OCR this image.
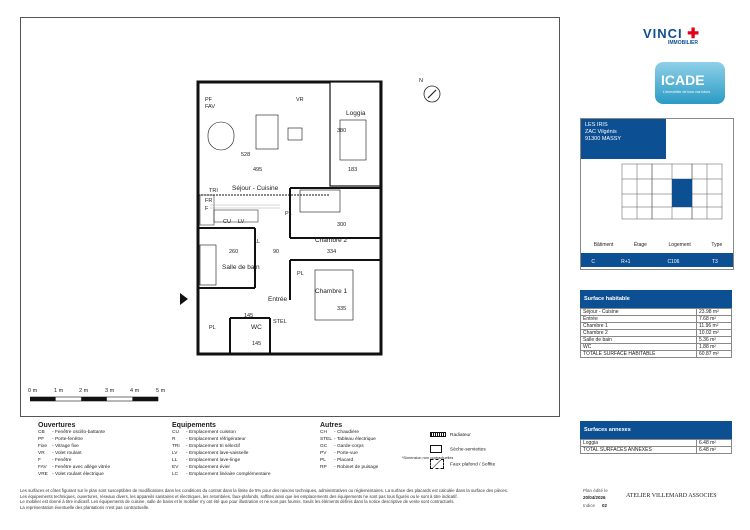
N
Séjour - Cuisine
Loggia
Chambre 2
Chambre 1
Salle de bain
Entrée
WC
528
495
380
183
300
334
335
260	90
145
145
PF
FAV
VR
TRI
LV
LL
CU
FR
F
PL
PL
PL
STEL
0 m	1 m	2 m	3 m	4 m	5 m
Ouvertures
CB - Fenêtre oscillo-battante
PF - Porte-fenêtre
Fixe - Vitrage fixe
VR - Volet roulant
F - Fenêtre
FAV - Fenêtre avec allège vitrée
VRE - Volet roulant électrique
Equipements
CU - Emplacement cuisson
R - Emplacement réfrigérateur
TRI - Emplacement tri sélectif
LV - Emplacement lave-vaisselle
LL - Emplacement lave-linge
EV - Emplacement évier
LC - Emplacement linéaire complémentaire
Autres
CH - Chaudière
STEL - Tableau électrique
GC - Garde-corps
PV - Porte-vue
PL - Placard
RP - Robinet de puisage
Radiateur
Sèche-serviettes
Faux plafond / Soffite
VINCI ✚
IMMOBILIER
ICADE
L'immobilier de tous vos futurs
LES IRIS
ZAC Vilgénis
91300 MASSY
Bâtiment	Étage	Logement	Type
C	R+1	C106	T3
Surface habitable
Séjour - Cuisine	23.98 m²
Entrée	7.68 m²
Chambre 1	11.96 m²
Chambre 2	10.02 m²
Salle de bain	5.36 m²
WC	1.88 m²
TOTALE SURFACE HABITABLE	60.87 m²
Surfaces annexes
Loggia	6.48 m²
TOTAL SURFACES ANNEXES	6.48 m²
*Dimension non contractuelles
Plan édité le
20/04/2026
Indice 02
ATELIER VILLEMARD ASSOCIES
Les surfaces et côtes figurant sur le plan sont susceptibles de modifications dans les conditions du contrat dans la limite de 5% pour des raisons techniques, administratives ou réglementaires. La surface des placards est calculée dans la surface des pièces.
Les équipements techniques, ouvertures, réseaux divers, les appareils sanitaires et électriques, les retombées, faux-plafonds, soffites ainsi que les emplacements des équipements ne sont pas tous figurés ou le sont à titre indicatif.
Le mobilier est donné à titre indicatif. Les équipements de cuisine, salle de bains et le mobilier n'y ont été que pour illustration et ne sont pas fournis. Seuls les éléments définis dans la notice descriptive de vente sont contractuels.
La représentation éventuelle des plantations n'est pas contractuelle.
